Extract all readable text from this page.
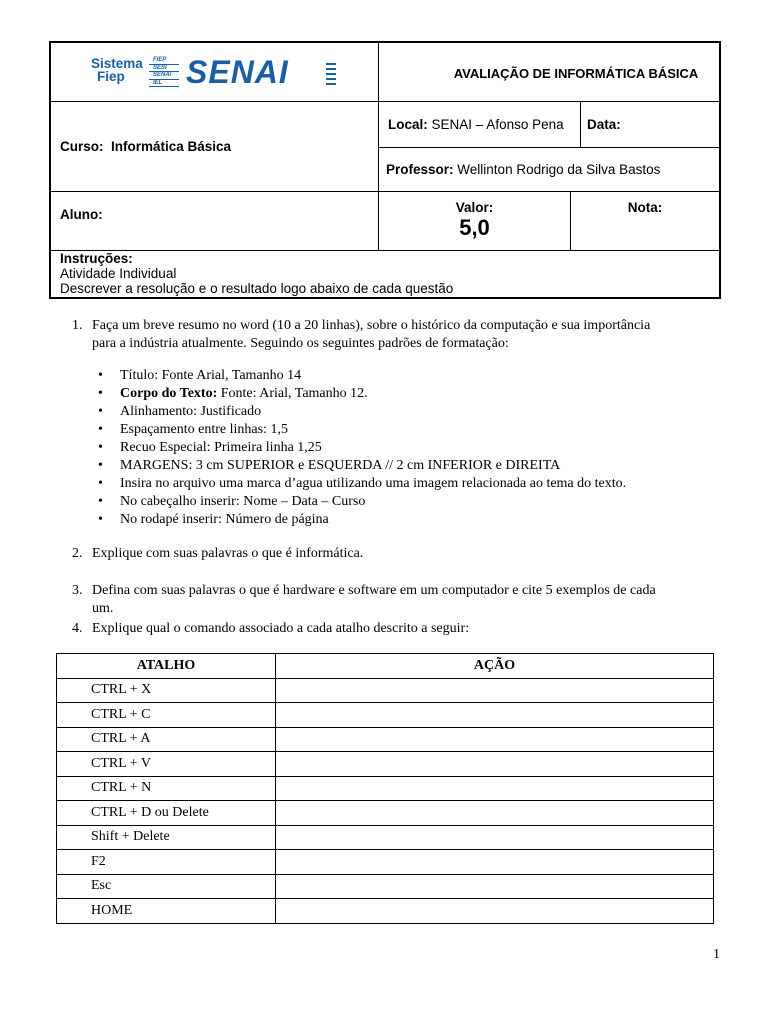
Sistema
Fiep
FIEP
SESI
SENAI
IEL SENAI	AVALIAÇÃO DE INFORMÁTICA BÁSICA
Curso: Informática Básica
Local: SENAI – Afonso Pena Data:
Professor: Wellinton Rodrigo da Silva Bastos
Aluno:	Valor:
5,0
Nota:
Instruções:
Atividade Individual
Descrever a resolução e o resultado logo abaixo de cada questão
1. Faça um breve resumo no word (10 a 20 linhas), sobre o histórico da computação e sua importância
para a indústria atualmente. Seguindo os seguintes padrões de formatação:
• Título: Fonte Arial, Tamanho 14
• Corpo do Texto: Fonte: Arial, Tamanho 12.
• Alinhamento: Justificado
• Espaçamento entre linhas: 1,5
• Recuo Especial: Primeira linha 1,25
• MARGENS: 3 cm SUPERIOR e ESQUERDA // 2 cm INFERIOR e DIREITA
• Insira no arquivo uma marca d’agua utilizando uma imagem relacionada ao tema do texto.
• No cabeçalho inserir: Nome – Data – Curso
• No rodapé inserir: Número de página
2. Explique com suas palavras o que é informática.
3. Defina com suas palavras o que é hardware e software em um computador e cite 5 exemplos de cada
um.
4. Explique qual o comando associado a cada atalho descrito a seguir:
ATALHO	AÇÃO
CTRL + X	
CTRL + C	
CTRL + A	
CTRL + V	
CTRL + N	
CTRL + D ou Delete	
Shift + Delete	
F2	
Esc	
HOME	
1
